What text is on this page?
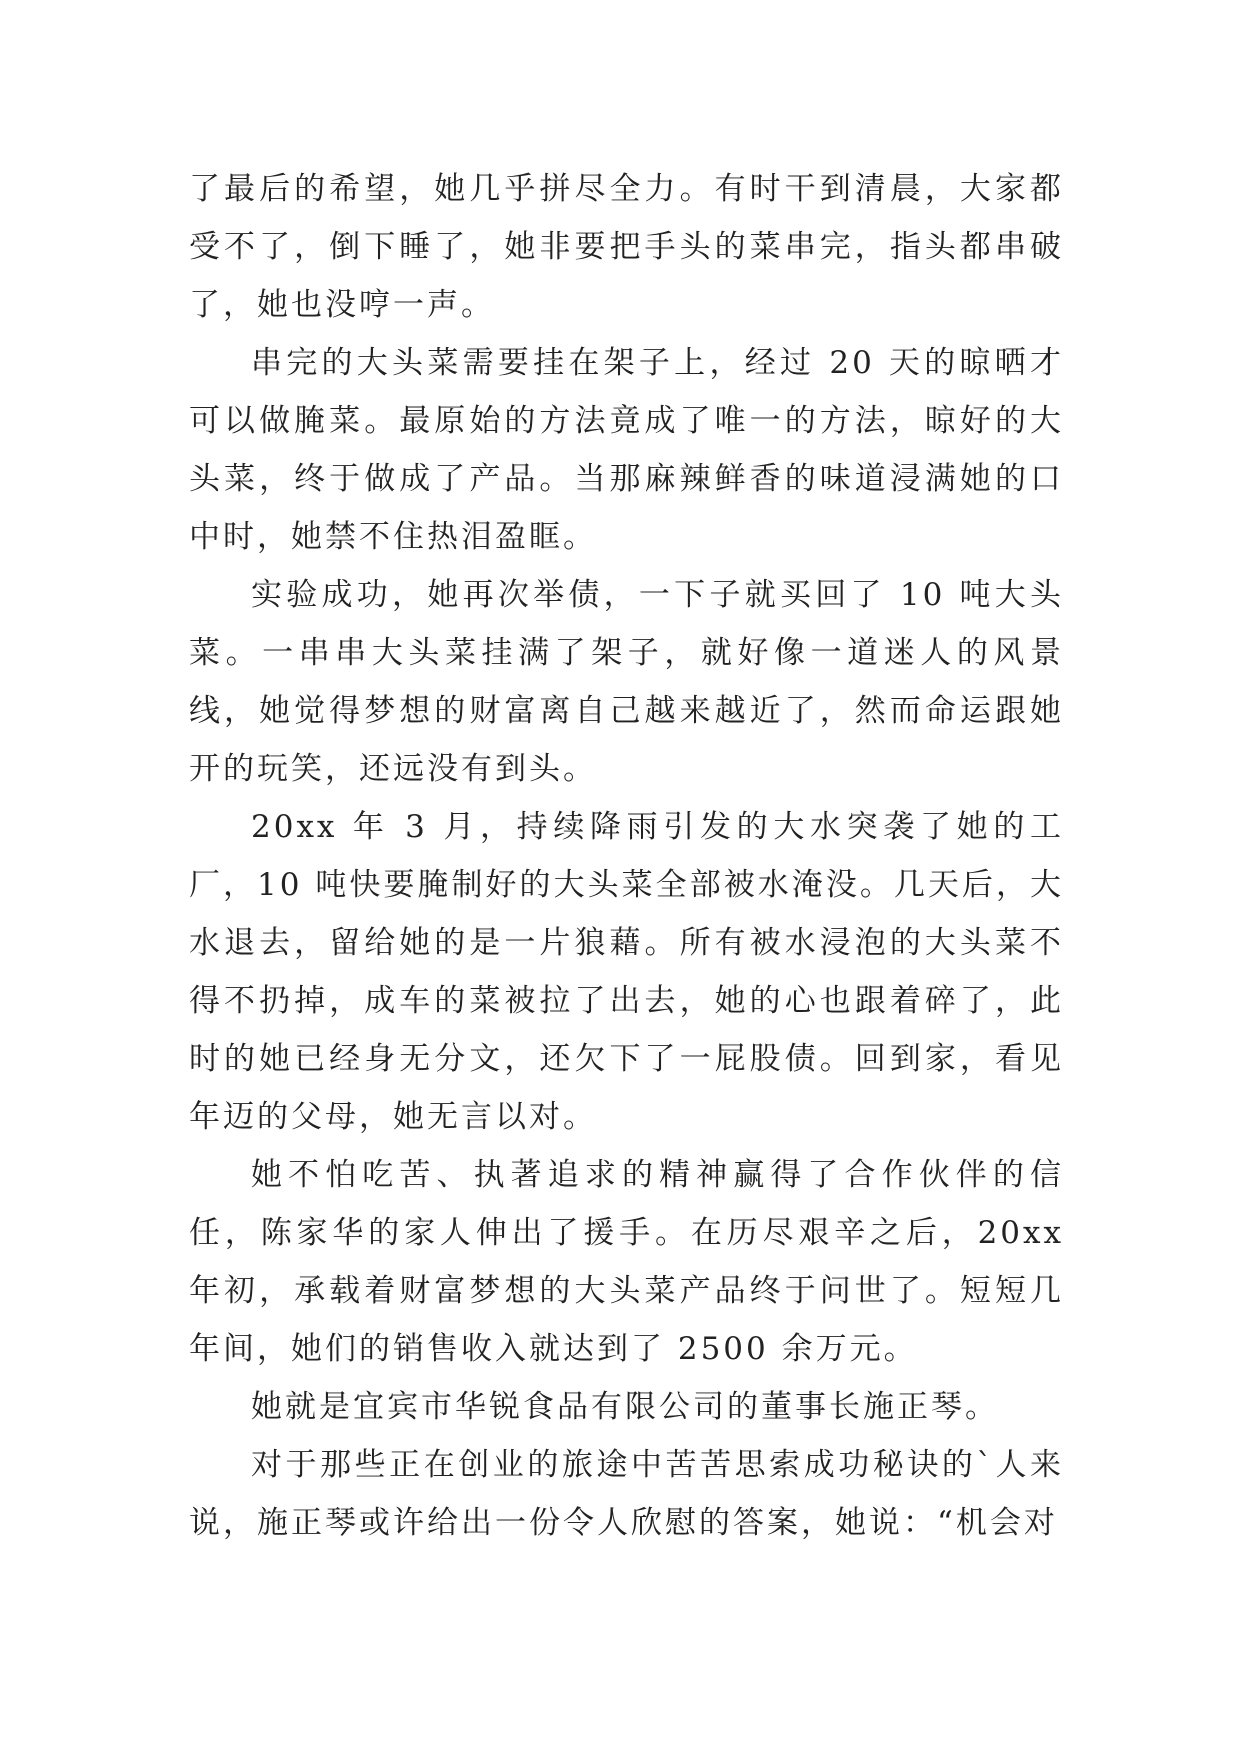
了最后的希望，她几乎拼尽全力。有时干到清晨，大家都受不了，倒下睡了，她非要把手头的菜串完，指头都串破了，她也没哼一声。

串完的大头菜需要挂在架子上，经过 20 天的晾晒才可以做腌菜。最原始的方法竟成了唯一的方法，晾好的大头菜，终于做成了产品。当那麻辣鲜香的味道浸满她的口中时，她禁不住热泪盈眶。

实验成功，她再次举债，一下子就买回了 10 吨大头菜。一串串大头菜挂满了架子，就好像一道迷人的风景线，她觉得梦想的财富离自己越来越近了，然而命运跟她开的玩笑，还远没有到头。

20xx 年 3 月，持续降雨引发的大水突袭了她的工厂，10 吨快要腌制好的大头菜全部被水淹没。几天后，大水退去，留给她的是一片狼藉。所有被水浸泡的大头菜不得不扔掉，成车的菜被拉了出去，她的心也跟着碎了，此时的她已经身无分文，还欠下了一屁股债。回到家，看见年迈的父母，她无言以对。

她不怕吃苦、执著追求的精神赢得了合作伙伴的信任，陈家华的家人伸出了援手。在历尽艰辛之后，20xx 年初，承载着财富梦想的大头菜产品终于问世了。短短几年间，她们的销售收入就达到了 2500 余万元。

她就是宜宾市华锐食品有限公司的董事长施正琴。

对于那些正在创业的旅途中苦苦思索成功秘诀的`人来说，施正琴或许给出一份令人欣慰的答案，她说：“机会对
